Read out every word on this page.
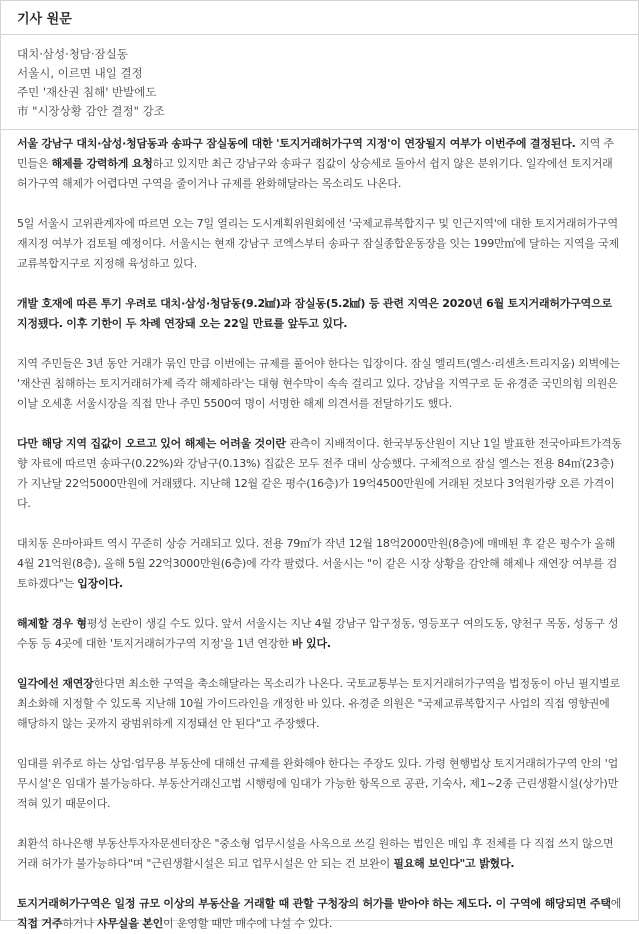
기사 원문
대치·삼성·청담·잠실동
서울시, 이르면 내일 결정
주민 '재산권 침해' 반발에도
市 "시장상황 감안 결정" 강조

서울 강남구 대치·삼성·청담동과 송파구 잠실동에 대한 '토지거래허가구역 지정'이 연장될지 여부가 이번주에 결정된다. 지역 주민들은 해제를 강력하게 요청하고 있지만 최근 강남구와 송파구 집값이 상승세로 돌아서 쉽지 않은 분위기다. 일각에선 토지거래허가구역 해제가 어렵다면 구역을 줄이거나 규제를 완화해달라는 목소리도 나온다.

5일 서울시 고위관계자에 따르면 오는 7일 열리는 도시계획위원회에선 '국제교류복합지구 및 인근지역'에 대한 토지거래허가구역 재지정 여부가 검토될 예정이다. 서울시는 현재 강남구 코엑스부터 송파구 잠실종합운동장을 잇는 199만㎡에 달하는 지역을 국제교류복합지구로 지정해 육성하고 있다.

개발 호재에 따른 투기 우려로 대치·삼성·청담동(9.2㎢)과 잠실동(5.2㎢) 등 관련 지역은 2020년 6월 토지거래허가구역으로 지정됐다. 이후 기한이 두 차례 연장돼 오는 22일 만료를 앞두고 있다.

지역 주민들은 3년 동안 거래가 묶인 만큼 이번에는 규제를 풀어야 한다는 입장이다. 잠실 엘리트(엘스·리센츠·트리지움) 외벽에는 '재산권 침해하는 토지거래허가제 즉각 해제하라'는 대형 현수막이 속속 걸리고 있다. 강남을 지역구로 둔 유경준 국민의힘 의원은 이날 오세훈 서울시장을 직접 만나 주민 5500여 명이 서명한 해제 의견서를 전달하기도 했다.

다만 해당 지역 집값이 오르고 있어 해제는 어려울 것이란 관측이 지배적이다. 한국부동산원이 지난 1일 발표한 전국아파트가격동향 자료에 따르면 송파구(0.22%)와 강남구(0.13%) 집값은 모두 전주 대비 상승했다. 구체적으로 잠실 엘스는 전용 84㎡(23층)가 지난달 22억5000만원에 거래됐다. 지난해 12월 같은 평수(16층)가 19억4500만원에 거래된 것보다 3억원가량 오른 가격이다.

대치동 은마아파트 역시 꾸준히 상승 거래되고 있다. 전용 79㎡가 작년 12월 18억2000만원(8층)에 매매된 후 같은 평수가 올해 4월 21억원(8층), 올해 5월 22억3000만원(6층)에 각각 팔렸다. 서울시는 "이 같은 시장 상황을 감안해 해제나 재연장 여부를 검토하겠다"는 입장이다.

해제할 경우 형평성 논란이 생길 수도 있다. 앞서 서울시는 지난 4월 강남구 압구정동, 영등포구 여의도동, 양천구 목동, 성동구 성수동 등 4곳에 대한 '토지거래허가구역 지정'을 1년 연장한 바 있다.

일각에선 재연장한다면 최소한 구역을 축소해달라는 목소리가 나온다. 국토교통부는 토지거래허가구역을 법정동이 아닌 필지별로 최소화해 지정할 수 있도록 지난해 10월 가이드라인을 개정한 바 있다. 유경준 의원은 "국제교류복합지구 사업의 직접 영향권에 해당하지 않는 곳까지 광범위하게 지정돼선 안 된다"고 주장했다.

임대를 위주로 하는 상업·업무용 부동산에 대해선 규제를 완화해야 한다는 주장도 있다. 가령 현행법상 토지거래허가구역 안의 '업무시설'은 임대가 불가능하다. 부동산거래신고법 시행령에 임대가 가능한 항목으로 공관, 기숙사, 제1~2종 근린생활시설(상가)만 적혀 있기 때문이다.

최환석 하나은행 부동산투자자문센터장은 "중소형 업무시설을 사옥으로 쓰길 원하는 법인은 매입 후 전체를 다 직접 쓰지 않으면 거래 허가가 불가능하다"며 "근린생활시설은 되고 업무시설은 안 되는 건 보완이 필요해 보인다"고 밝혔다.

토지거래허가구역은 일정 규모 이상의 부동산을 거래할 때 관할 구청장의 허가를 받아야 하는 제도다. 이 구역에 해당되면 주택에 직접 거주하거나 사무실을 본인이 운영할 때만 매수에 나설 수 있다.
